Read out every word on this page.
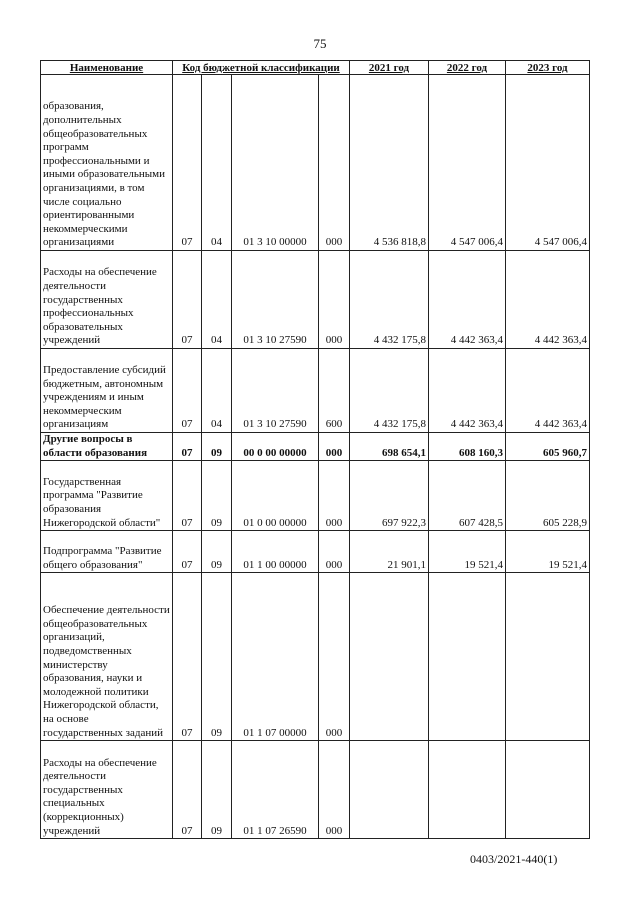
75
Наименование	Код бюджетной классификации				2021 год	2022 год	2023 год
образования, дополнительных общеобразовательных программ профессиональными и иными образовательными организациями, в том числе социально ориентированными некоммерческими организациями	07	04	01 3 10 00000	000	4 536 818,8	4 547 006,4	4 547 006,4
Расходы на обеспечение деятельности государственных профессиональных образовательных учреждений	07	04	01 3 10 27590	000	4 432 175,8	4 442 363,4	4 442 363,4
Предоставление субсидий бюджетным, автономным учреждениям и иным некоммерческим организациям	07	04	01 3 10 27590	600	4 432 175,8	4 442 363,4	4 442 363,4
Другие вопросы в области образования	07	09	00 0 00 00000	000	698 654,1	608 160,3	605 960,7
Государственная программа "Развитие образования Нижегородской области"	07	09	01 0 00 00000	000	697 922,3	607 428,5	605 228,9
Подпрограмма "Развитие общего образования"	07	09	01 1 00 00000	000	21 901,1	19 521,4	19 521,4
Обеспечение деятельности общеобразовательных организаций, подведомственных министерству образования, науки и молодежной политики Нижегородской области, на основе государственных заданий	07	09	01 1 07 00000	000			
Расходы на обеспечение деятельности государственных специальных (коррекционных) учреждений	07	09	01 1 07 26590	000			
0403/2021-440(1)
